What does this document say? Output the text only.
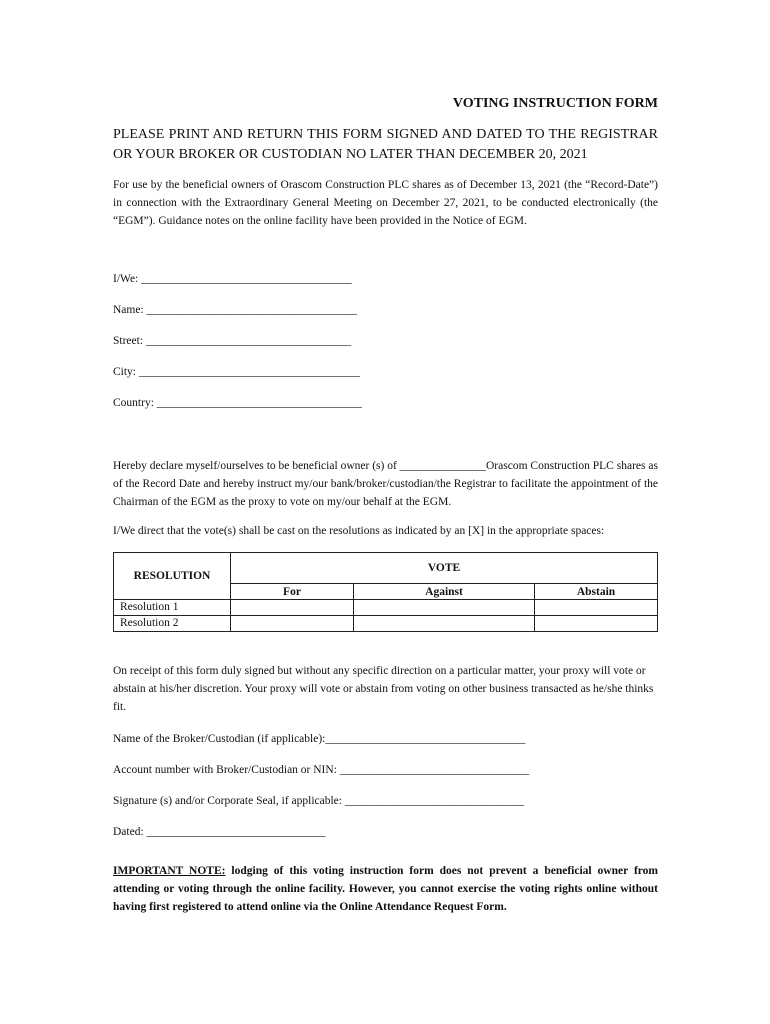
VOTING INSTRUCTION FORM
PLEASE PRINT AND RETURN THIS FORM SIGNED AND DATED TO THE REGISTRAR OR YOUR BROKER OR CUSTODIAN NO LATER THAN DECEMBER 20, 2021
For use by the beneficial owners of Orascom Construction PLC shares as of December 13, 2021 (the “Record-Date”) in connection with the Extraordinary General Meeting on December 27, 2021, to be conducted electronically (the “EGM”). Guidance notes on the online facility have been provided in the Notice of EGM.
I/We: ________________________________________
Name: ________________________________________
Street: _______________________________________
City: __________________________________________
Country: _______________________________________
Hereby declare myself/ourselves to be beneficial owner (s) of _______________Orascom Construction PLC shares as of the Record Date and hereby instruct my/our bank/broker/custodian/the Registrar to facilitate the appointment of the Chairman of the EGM as the proxy to vote on my/our behalf at the EGM.
I/We direct that the vote(s) shall be cast on the resolutions as indicated by an [X] in the appropriate spaces:
RESOLUTION	VOTE		
	For	Against	Abstain
Resolution 1			
Resolution 2			
On receipt of this form duly signed but without any specific direction on a particular matter, your proxy will vote or abstain at his/her discretion. Your proxy will vote or abstain from voting on other business transacted as he/she thinks fit.
Name of the Broker/Custodian (if applicable):______________________________________
Account number with Broker/Custodian or NIN: ____________________________________
Signature (s) and/or Corporate Seal, if applicable: __________________________________
Dated: __________________________________
IMPORTANT NOTE: lodging of this voting instruction form does not prevent a beneficial owner from attending or voting through the online facility. However, you cannot exercise the voting rights online without having first registered to attend online via the Online Attendance Request Form.
